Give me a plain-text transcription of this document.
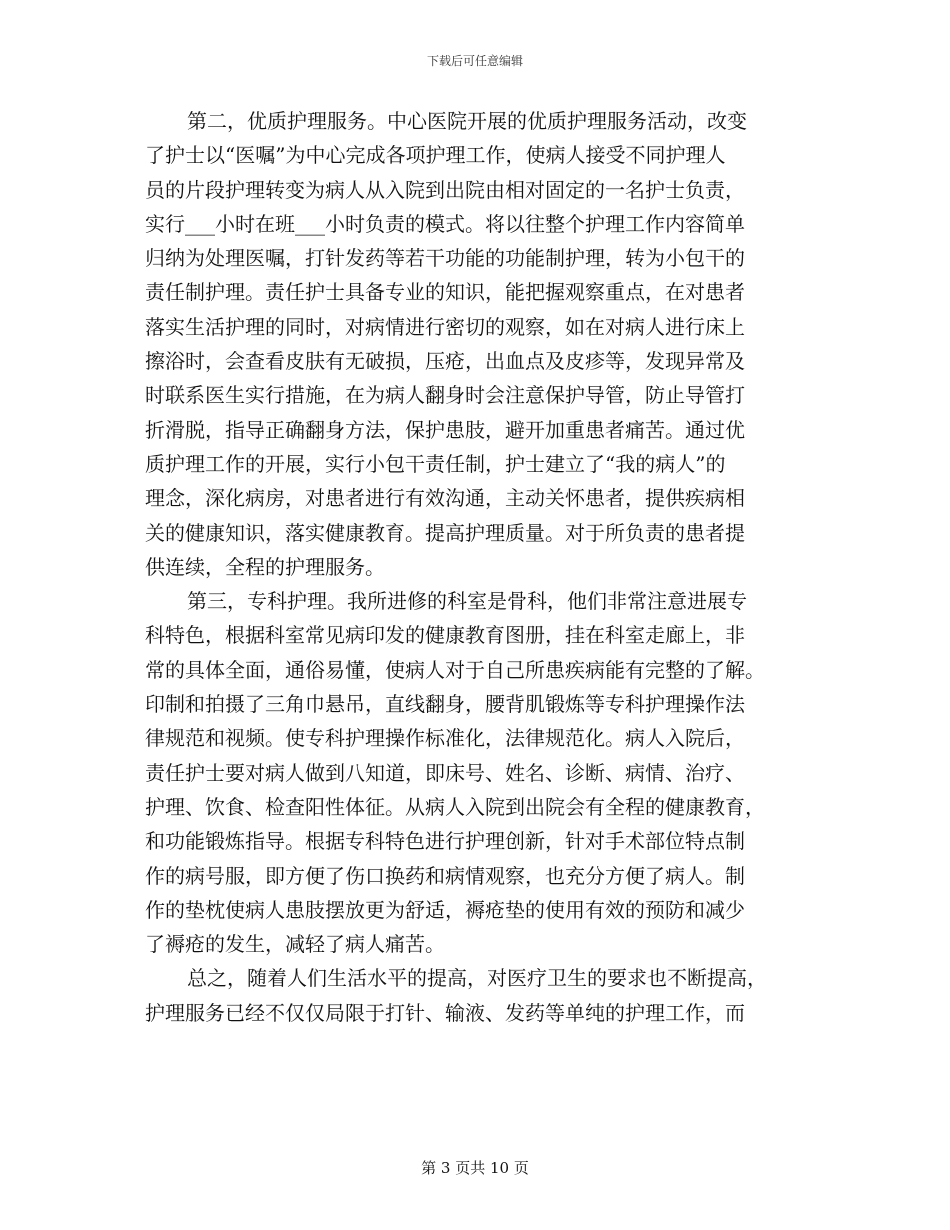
下载后可任意编辑
第二，优质护理服务。中心医院开展的优质护理服务活动，改变
了护士以“医嘱”为中心完成各项护理工作，使病人接受不同护理人
员的片段护理转变为病人从入院到出院由相对固定的一名护士负责，
实行___小时在班___小时负责的模式。将以往整个护理工作内容简单
归纳为处理医嘱，打针发药等若干功能的功能制护理，转为小包干的
责任制护理。责任护士具备专业的知识，能把握观察重点，在对患者
落实生活护理的同时，对病情进行密切的观察，如在对病人进行床上
擦浴时，会查看皮肤有无破损，压疮，出血点及皮疹等，发现异常及
时联系医生实行措施，在为病人翻身时会注意保护导管，防止导管打
折滑脱，指导正确翻身方法，保护患肢，避开加重患者痛苦。通过优
质护理工作的开展，实行小包干责任制，护士建立了“我的病人”的
理念，深化病房，对患者进行有效沟通，主动关怀患者，提供疾病相
关的健康知识，落实健康教育。提高护理质量。对于所负责的患者提
供连续，全程的护理服务。
第三，专科护理。我所进修的科室是骨科，他们非常注意进展专
科特色，根据科室常见病印发的健康教育图册，挂在科室走廊上，非
常的具体全面，通俗易懂，使病人对于自己所患疾病能有完整的了解。
印制和拍摄了三角巾悬吊，直线翻身，腰背肌锻炼等专科护理操作法
律规范和视频。使专科护理操作标准化，法律规范化。病人入院后，
责任护士要对病人做到八知道，即床号、姓名、诊断、病情、治疗、
护理、饮食、检查阳性体征。从病人入院到出院会有全程的健康教育，
和功能锻炼指导。根据专科特色进行护理创新，针对手术部位特点制
作的病号服，即方便了伤口换药和病情观察，也充分方便了病人。制
作的垫枕使病人患肢摆放更为舒适，褥疮垫的使用有效的预防和减少
了褥疮的发生，减轻了病人痛苦。
总之，随着人们生活水平的提高，对医疗卫生的要求也不断提高，
护理服务已经不仅仅局限于打针、输液、发药等单纯的护理工作，而
第 3 页共 10 页
